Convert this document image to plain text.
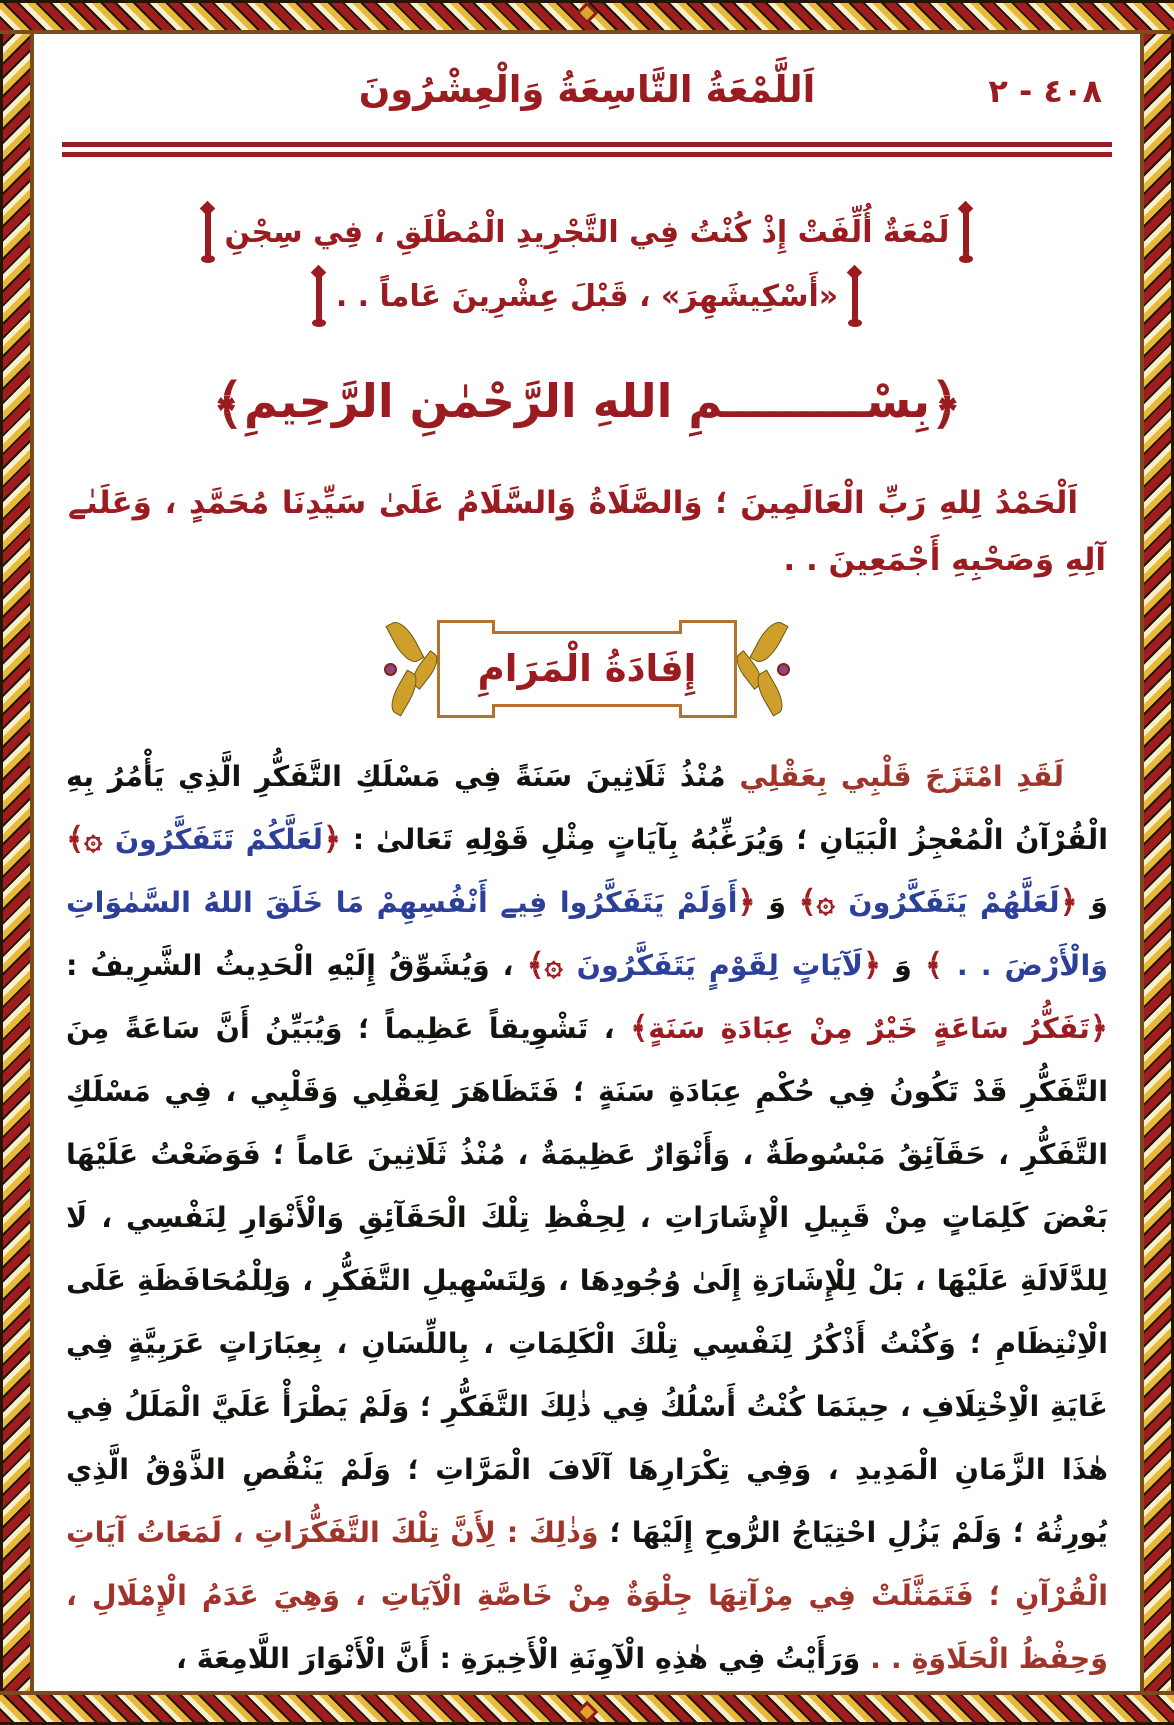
اَللَّمْعَةُ التَّاسِعَةُ وَالْعِشْرُونَ	٤٠٨ - ٢
لَمْعَةٌ أُلِّفَتْ إِذْ كُنْتُ فِي التَّجْرِيدِ الْمُطْلَقِ ، فِي سِجْنِ
«أَسْكِيشَهِرَ» ، قَبْلَ عِشْرِينَ عَاماً . .
﴿بِسْـــــــــمِ اللهِ الرَّحْمٰنِ الرَّحِيمِ﴾

اَلْحَمْدُ لِلهِ رَبِّ الْعَالَمِينَ ؛ وَالصَّلَاةُ وَالسَّلَامُ عَلَىٰ سَيِّدِنَا مُحَمَّدٍ ، وَعَلَىٰے آلِهِ وَصَحْبِهِ أَجْمَعِينَ . .

إِفَادَةُ الْمَرَامِ

لَقَدِ امْتَزَجَ قَلْبِي بِعَقْلِي مُنْذُ ثَلَاثِينَ سَنَةً فِي مَسْلَكِ التَّفَكُّرِ الَّذِي يَأْمُرُ بِهِ الْقُرْآنُ الْمُعْجِزُ الْبَيَانِ ؛ وَيُرَغِّبُهُ بِآيَاتٍ مِثْلِ قَوْلِهِ تَعَالىٰ : ﴿لَعَلَّكُمْ تَتَفَكَّرُونَ ۞﴾ وَ ﴿لَعَلَّهُمْ يَتَفَكَّرُونَ ۞﴾ وَ ﴿أَوَلَمْ يَتَفَكَّرُوا فِيے أَنْفُسِهِمْ مَا خَلَقَ اللهُ السَّمٰوَاتِ وَالْأَرْضَ . . ﴾ وَ ﴿لَآيَاتٍ لِقَوْمٍ يَتَفَكَّرُونَ ۞﴾ ، وَيُشَوِّقُ إِلَيْهِ الْحَدِيثُ الشَّرِيفُ : ﴿تَفَكُّرُ سَاعَةٍ خَيْرٌ مِنْ عِبَادَةِ سَنَةٍ﴾ ، تَشْوِيقاً عَظِيماً ؛ وَيُبَيِّنُ أَنَّ سَاعَةً مِنَ التَّفَكُّرِ قَدْ تَكُونُ فِي حُكْمِ عِبَادَةِ سَنَةٍ ؛ فَتَظَاهَرَ لِعَقْلِي وَقَلْبِي ، فِي مَسْلَكِ التَّفَكُّرِ ، حَقَآئِقُ مَبْسُوطَةٌ ، وَأَنْوَارٌ عَظِيمَةٌ ، مُنْذُ ثَلَاثِينَ عَاماً ؛ فَوَضَعْتُ عَلَيْهَا بَعْضَ كَلِمَاتٍ مِنْ قَبِيلِ الْإِشَارَاتِ ، لِحِفْظِ تِلْكَ الْحَقَآئِقِ وَالْأَنْوَارِ لِنَفْسِي ، لَا لِلدَّلَالَةِ عَلَيْهَا ، بَلْ لِلْإِشَارَةِ إِلَىٰ وُجُودِهَا ، وَلِتَسْهِيلِ التَّفَكُّرِ ، وَلِلْمُحَافَظَةِ عَلَى الْاِنْتِظَامِ ؛ وَكُنْتُ أَذْكُرُ لِنَفْسِي تِلْكَ الْكَلِمَاتِ ، بِاللِّسَانِ ، بِعِبَارَاتٍ عَرَبِيَّةٍ فِي غَايَةِ الْاِخْتِلَافِ ، حِينَمَا كُنْتُ أَسْلُكُ فِي ذٰلِكَ التَّفَكُّرِ ؛ وَلَمْ يَطْرَأْ عَلَيَّ الْمَلَلُ فِي هٰذَا الزَّمَانِ الْمَدِيدِ ، وَفِي تِكْرَارِهَا آلَافَ الْمَرَّاتِ ؛ وَلَمْ يَنْقُصِ الذَّوْقُ الَّذِي يُورِثُهُ ؛ وَلَمْ يَزُلِ احْتِيَاجُ الرُّوحِ إِلَيْهَا ؛ وَذٰلِكَ : لِأَنَّ تِلْكَ التَّفَكُّرَاتِ ، لَمَعَاتُ آيَاتِ الْقُرْآنِ ؛ فَتَمَثَّلَتْ فِي مِرْآتِهَا جِلْوَةٌ مِنْ خَاصَّةِ الْآيَاتِ ، وَهِيَ عَدَمُ الْإِمْلَالِ ، وَحِفْظُ الْحَلَاوَةِ . . وَرَأَيْتُ فِي هٰذِهِ الْآوِنَةِ الْأَخِيرَةِ : أَنَّ الْأَنْوَارَ اللَّامِعَةَ ،
